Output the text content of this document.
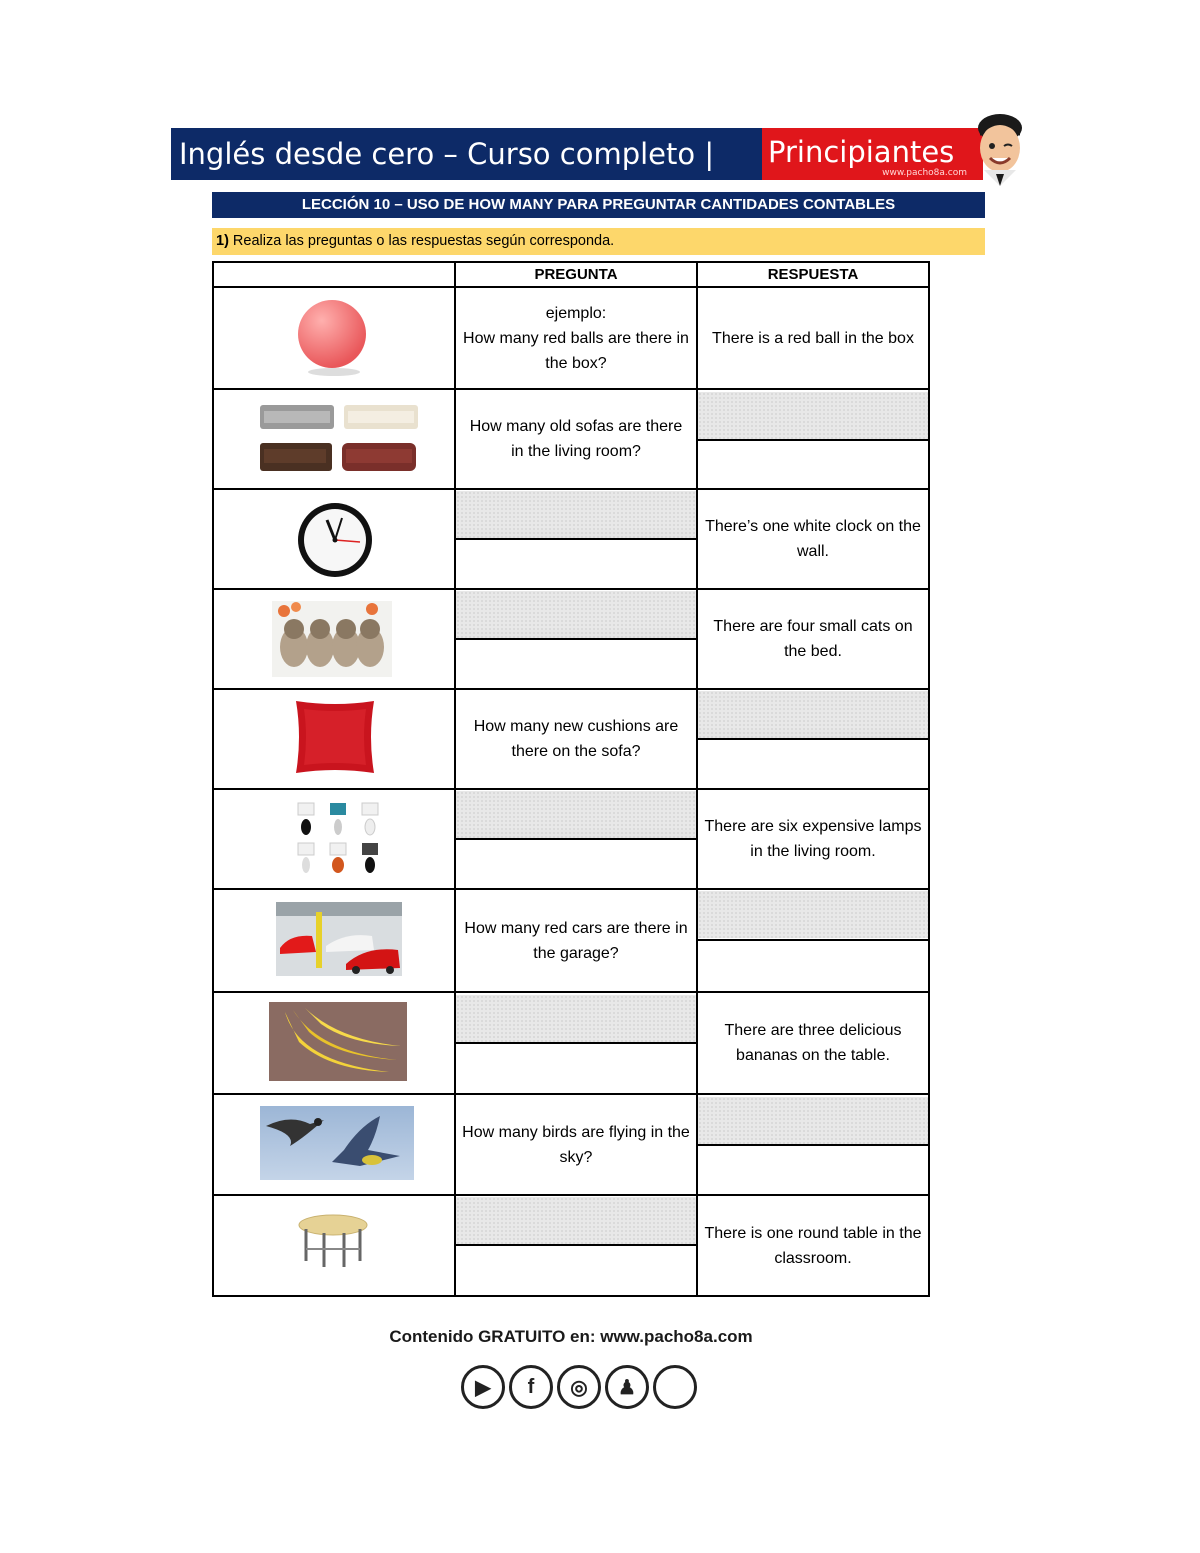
Inglés desde cero – Curso completo |	Principiantes
www.pacho8a.com
LECCIÓN 10 – USO DE HOW MANY PARA PREGUNTAR CANTIDADES CONTABLES
1) Realiza las preguntas o las respuestas según corresponda.
PREGUNTA	RESPUESTA
ejemplo:
How many red balls are there in the box?
There is a red ball in the box
How many old sofas are there in the living room?
There’s one white clock on the wall.
There are four small cats on the bed.
How many new cushions are there on the sofa?
There are six expensive lamps in the living room.
How many red cars are there in the garage?
There are three delicious bananas on the table.
How many birds are flying in the sky?
There is one round table in the classroom.
Contenido GRATUITO en: www.pacho8a.com
▶ f ◎ ♟
